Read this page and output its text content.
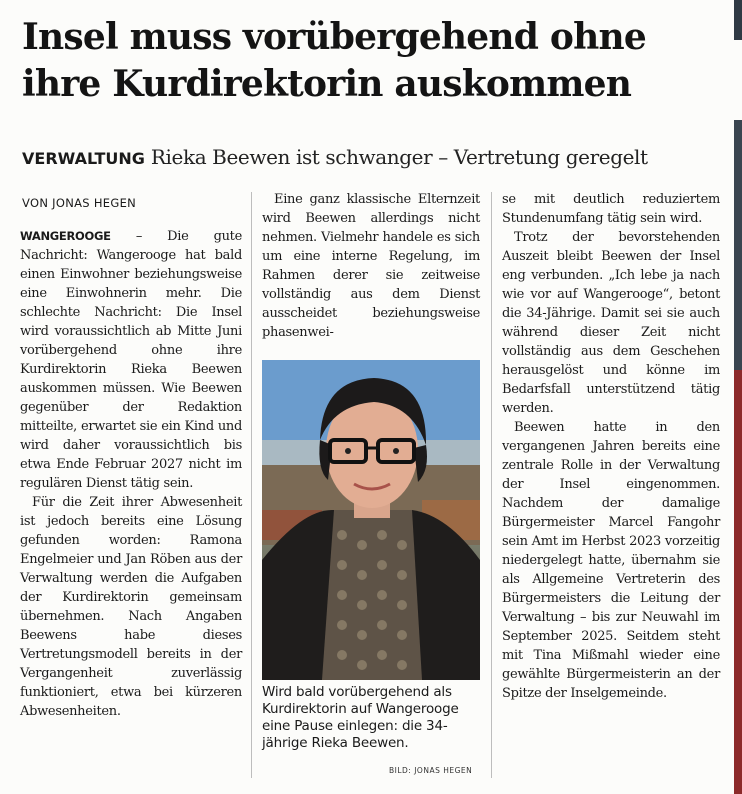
Insel muss vorübergehend ohne
ihre Kurdirektorin auskommen
VERWALTUNG Rieka Beewen ist schwanger – Vertretung geregelt
VON JONAS HEGEN

WANGEROOGE – Die gute Nachricht: Wangerooge hat bald einen Einwohner beziehungsweise eine Einwohnerin mehr. Die schlechte Nachricht: Die Insel wird voraussichtlich ab Mitte Juni vorübergehend ohne ihre Kurdirektorin Rieka Beewen auskommen müssen. Wie Beewen gegenüber der Redaktion mitteilte, erwartet sie ein Kind und wird daher voraussichtlich bis etwa Ende Februar 2027 nicht im regulären Dienst tätig sein.

Für die Zeit ihrer Abwesenheit ist jedoch bereits eine Lösung gefunden worden: Ramona Engelmeier und Jan Röben aus der Verwaltung werden die Aufgaben der Kurdirektorin gemeinsam übernehmen. Nach Angaben Beewens habe dieses Vertretungsmodell bereits in der Vergangenheit zuverlässig funktioniert, etwa bei kürzeren Abwesenheiten.

Eine ganz klassische Elternzeit wird Beewen allerdings nicht nehmen. Vielmehr handele es sich um eine interne Regelung, im Rahmen derer sie zeitweise vollständig aus dem Dienst ausscheidet beziehungsweise phasenwei-

Wird bald vorübergehend als Kurdirektorin auf Wangerooge eine Pause einlegen: die 34-jährige Rieka Beewen.
BILD: JONAS HEGEN

se mit deutlich reduziertem Stundenumfang tätig sein wird.

Trotz der bevorstehenden Auszeit bleibt Beewen der Insel eng verbunden. „Ich lebe ja nach wie vor auf Wangerooge“, betont die 34-Jährige. Damit sei sie auch während dieser Zeit nicht vollständig aus dem Geschehen herausgelöst und könne im Bedarfsfall unterstützend tätig werden.

Beewen hatte in den vergangenen Jahren bereits eine zentrale Rolle in der Verwaltung der Insel eingenommen. Nachdem der damalige Bürgermeister Marcel Fangohr sein Amt im Herbst 2023 vorzeitig niedergelegt hatte, übernahm sie als Allgemeine Vertreterin des Bürgermeisters die Leitung der Verwaltung – bis zur Neuwahl im September 2025. Seitdem steht mit Tina Mißmahl wieder eine gewählte Bürgermeisterin an der Spitze der Inselgemeinde.
